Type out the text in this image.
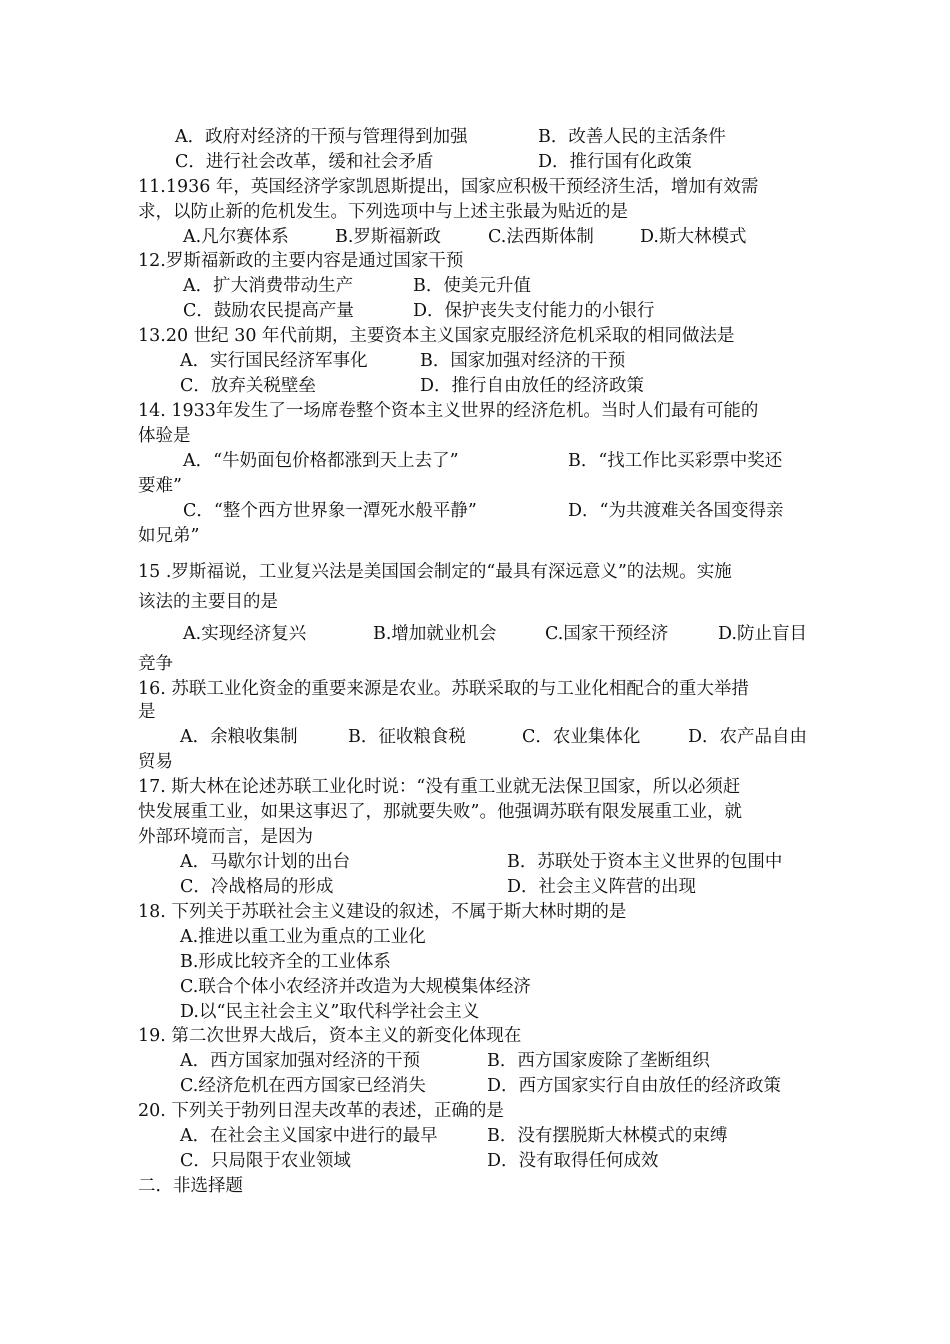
A．政府对经济的干预与管理得到加强	B．改善人民的主活条件
C．进行社会改革，缓和社会矛盾	D．推行国有化政策
11.1936 年，英国经济学家凯恩斯提出，国家应积极干预经济生活，增加有效需
求，以防止新的危机发生。下列选项中与上述主张最为贴近的是
A.凡尔赛体系	B.罗斯福新政	C.法西斯体制	D.斯大林模式
12.罗斯福新政的主要内容是通过国家干预
A．扩大消费带动生产	B．使美元升值
C．鼓励农民提高产量	D．保护丧失支付能力的小银行
13.20 世纪 30 年代前期，主要资本主义国家克服经济危机采取的相同做法是
A．实行国民经济军事化	B．国家加强对经济的干预
C．放弃关税壁垒	D．推行自由放任的经济政策
14. 1933年发生了一场席卷整个资本主义世界的经济危机。当时人们最有可能的
体验是
A．“牛奶面包价格都涨到天上去了”	B．“找工作比买彩票中奖还
要难”
C．“整个西方世界象一潭死水般平静”	D．“为共渡难关各国变得亲
如兄弟”
15 .罗斯福说，工业复兴法是美国国会制定的“最具有深远意义”的法规。实施
该法的主要目的是
A.实现经济复兴	B.增加就业机会	C.国家干预经济	D.防止盲目
竞争
16. 苏联工业化资金的重要来源是农业。苏联采取的与工业化相配合的重大举措
是
A．余粮收集制	B．征收粮食税	C．农业集体化	D．农产品自由
贸易
17. 斯大林在论述苏联工业化时说：“没有重工业就无法保卫国家，所以必须赶
快发展重工业，如果这事迟了，那就要失败”。他强调苏联有限发展重工业，就
外部环境而言，是因为
A．马歇尔计划的出台	B．苏联处于资本主义世界的包围中
C．冷战格局的形成	D．社会主义阵营的出现
18. 下列关于苏联社会主义建设的叙述，不属于斯大林时期的是
A.推进以重工业为重点的工业化
B.形成比较齐全的工业体系
C.联合个体小农经济并改造为大规模集体经济
D.以“民主社会主义”取代科学社会主义
19. 第二次世界大战后，资本主义的新变化体现在
A．西方国家加强对经济的干预	B．西方国家废除了垄断组织
C.经济危机在西方国家已经消失	D．西方国家实行自由放任的经济政策
20. 下列关于勃列日涅夫改革的表述，正确的是
A．在社会主义国家中进行的最早	B．没有摆脱斯大林模式的束缚
C．只局限于农业领域	D．没有取得任何成效
二．非选择题
